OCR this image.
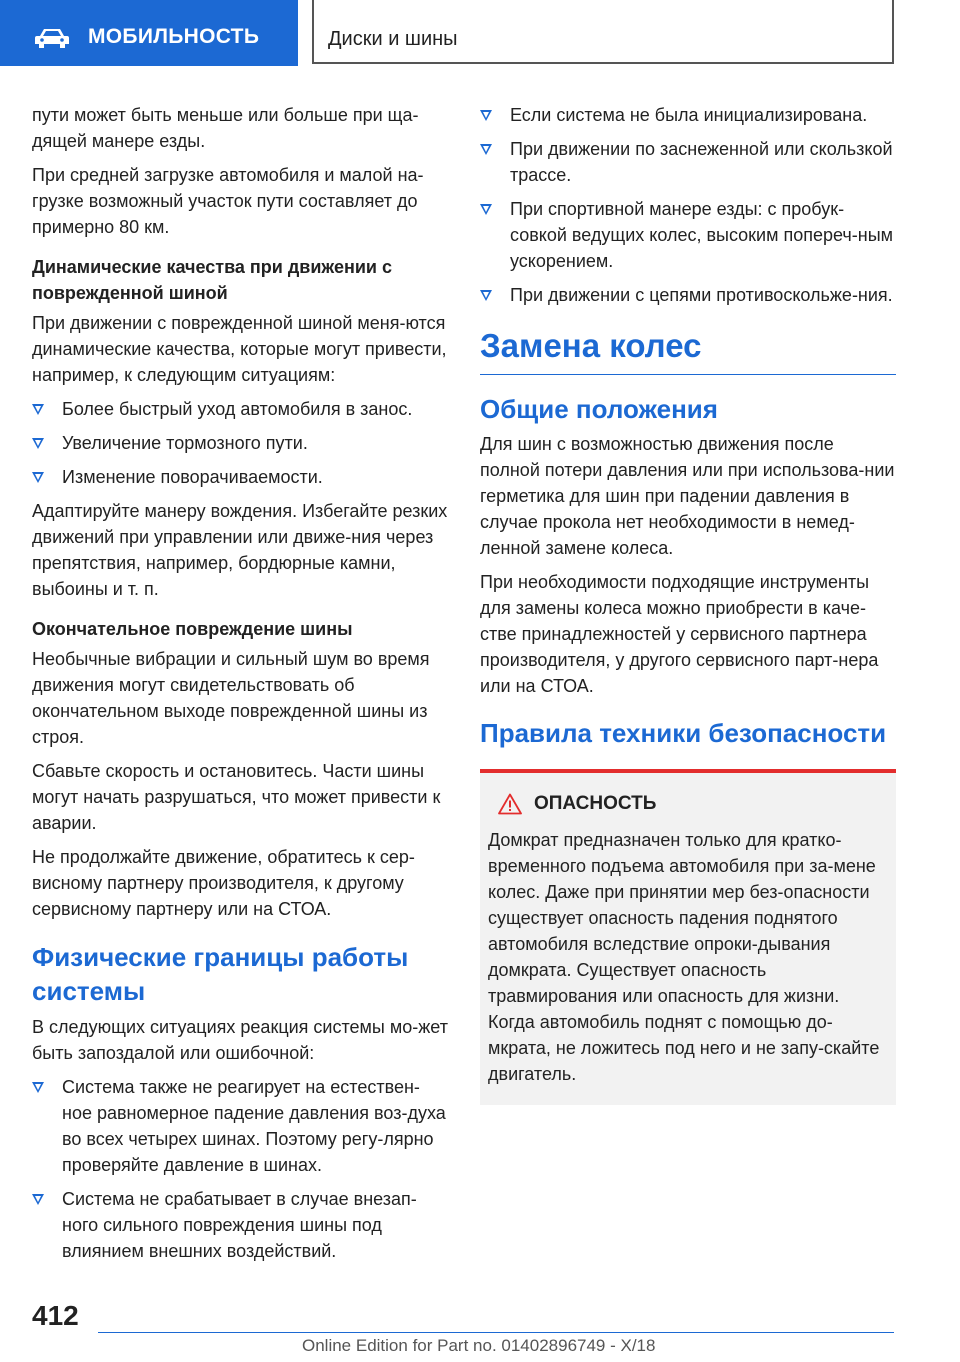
МОБИЛЬНОСТЬ	Диски и шины

пути может быть меньше или больше при ща-дящей манере езды.

При средней загрузке автомобиля и малой на-грузке возможный участок пути составляет до примерно 80 км.

Динамические качества при движении с поврежденной шиной

При движении с поврежденной шиной меня-ются динамические качества, которые могут привести, например, к следующим ситуациям:

Более быстрый уход автомобиля в занос.
Увеличение тормозного пути.
Изменение поворачиваемости.

Адаптируйте манеру вождения. Избегайте резких движений при управлении или движе-ния через препятствия, например, бордюрные камни, выбоины и т. п.

Окончательное повреждение шины

Необычные вибрации и сильный шум во время движения могут свидетельствовать об окончательном выходе поврежденной шины из строя.

Сбавьте скорость и остановитесь. Части шины могут начать разрушаться, что может привести к аварии.

Не продолжайте движение, обратитесь к сер-висному партнеру производителя, к другому сервисному партнеру или на СТОА.

Физические границы работы системы

В следующих ситуациях реакция системы мо-жет быть запоздалой или ошибочной:

Система также не реагирует на естествен-ное равномерное падение давления воз-духа во всех четырех шинах. Поэтому регу-лярно проверяйте давление в шинах.
Система не срабатывает в случае внезап-ного сильного повреждения шины под влиянием внешних воздействий.
Если система не была инициализирована.
При движении по заснеженной или скользкой трассе.
При спортивной манере езды: с пробук-совкой ведущих колес, высоким попереч-ным ускорением.
При движении с цепями противоскольже-ния.
Замена колес
Общие положения

Для шин с возможностью движения после полной потери давления или при использова-нии герметика для шин при падении давления в случае прокола нет необходимости в немед-ленной замене колеса.

При необходимости подходящие инструменты для замены колеса можно приобрести в каче-стве принадлежностей у сервисного партнера производителя, у другого сервисного парт-нера или на СТОА.

Правила техники безопасности
ОПАСНОСТЬ

Домкрат предназначен только для кратко-временного подъема автомобиля при за-мене колес. Даже при принятии мер без-опасности существует опасность падения поднятого автомобиля вследствие опроки-дывания домкрата. Существует опасность травмирования или опасность для жизни. Когда автомобиль поднят с помощью до-мкрата, не ложитесь под него и не запу-скайте двигатель.

412
Online Edition for Part no. 01402896749 - X/18
